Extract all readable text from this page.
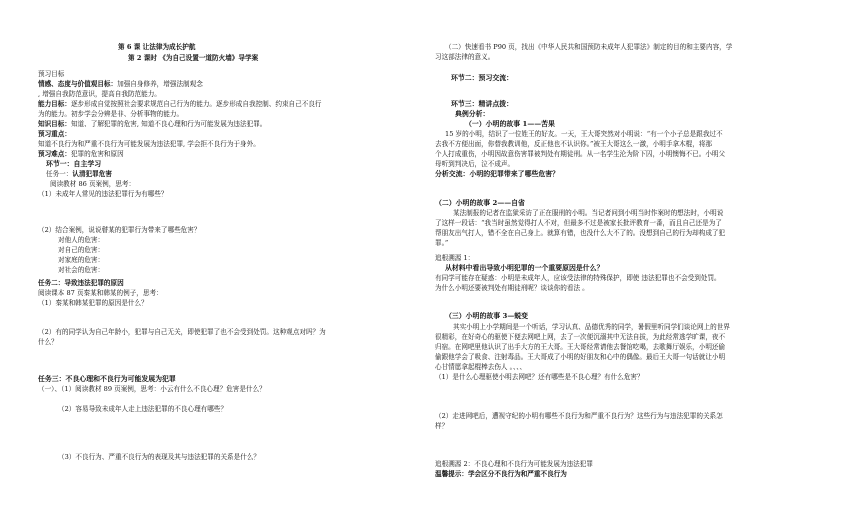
第 6 课 让法律为成长护航
第 2 课时 《为自己设置一道防火墙》导学案
预习目标
情感、态度与价值观目标：加强自身修养，增强法制观念
, 增强自我防范意识，提高自我防范能力。
能力目标：逐步形成自觉按照社会要求规范自己行为的能力。逐步形成自我控制、约束自己不良行
为的能力。初步学会分辨是非、分析事物的能力。
知识目标：知道、了解犯罪的危害, 知道不良心理和行为可能发展为违法犯罪。
预习重点：
知道不良行为和严重不良行为可能发展为违法犯罪, 学会拒不良行为于身外。
预习难点：犯罪的危害和原因
环节一：自主学习
任务一：认清犯罪危害
阅读教材 86 页案例，思考：
（1）未成年人常见的违法犯罪行为有哪些？
（2）结合案例，说说瞽某的犯罪行为带来了哪些危害？
对他人的危害：
对自己的危害：
对家庭的危害：
对社会的危害：
任务二：导致违法犯罪的原因
阅读课本 87 页秦某和韩某的例子，思考：
（1）秦某和韩某犯罪的原因是什么？
（2）有的同学认为自己年龄小，犯罪与自己无关，即使犯罪了也不会受到处罚。这种观点对吗？为
什么？
任务三：不良心理和不良行为可能发展为犯罪
（一）、（1）阅读教材 89 页案例，思考：小云有什么不良心理？危害是什么？
（2）容易导致未成年人走上违法犯罪的不良心理有哪些？
（3）不良行为、严重不良行为的表现及其与违法犯罪的关系是什么？
（二）快速看书 P90 页，找出《中华人民共和国预防未成年人犯罪法》制定的目的和主要内容，学
习这部法律的意义。
环节二：预习交流：
环节三：精讲点拨：
典例分析：
（一）小明的故事 1——苦果
15 岁的小明，结识了一位姓王的好友。一天，王大哥突然对小明说：“有一个小子总是跟我过不
去我不方便出面，你替我教训他，反正他也不认识你。”被王大哥这么一激，小明手拿木棍，将那
个人打成重伤，小明因故意伤害罪被判处有期徒刑。从一名学生沦为阶下囚，小明懊悔不已。小明父
母听到判决后，泣不成声。
分析交流：小明的犯罪带来了哪些危害？
（二）小明的故事 2——自省
某法制报的记者在监狱采访了正在服刑的小明。当记者问到小明当时作案时的想法时，小明说
了这样一段话：“我当时虽然觉得打人不对，但最多不过是被家长批评教育一番，而且自己还是为了
帮朋友出气打人，错不全在自己身上。就算有错，也没什么大不了的。没想到自己的行为却构成了犯
罪。”
追根溯源 1：
从材料中看出导致小明犯罪的一个重要原因是什么？
有同学可能存在疑惑：小明是未成年人，应该受法律的特殊保护，即使 违法犯罪也不会受到处罚。
为什么小明还要被判处有期徒刑呢？谈谈你的看法 。
（三）小明的故事 3—蜕变
其实小明上小学期间是一个听话，学习认真、品德优秀的同学，暑假里听同学们谈论网上的世界
很精彩，在好奇心的驱使下便去网吧上网，去了一次便沉溺其中无法自拔，为此经常逃学旷课，夜不
归宿。在网吧里他认识了出手大方的王大哥。王大哥经常请他去餐馆吃喝，去歌舞厅娱乐，小明还偷
偷跟他学会了吸食、注射毒品。王大哥成了小明的好朋友和心中的偶像。最后王大哥一句话就让小明
心甘情愿拿起棍棒去伤人 。、、、
（1）是什么心理驱使小明去网吧？还有哪些是不良心理？有什么危害？
（2）走进网吧后，遭视守纪的小明有哪些不良行为和严重不良行为？这些行为与违法犯罪的关系怎
样？
追根溯源 2：不良心理和不良行为可能发展为违法犯罪
温馨提示：学会区分不良行为和严重不良行为
